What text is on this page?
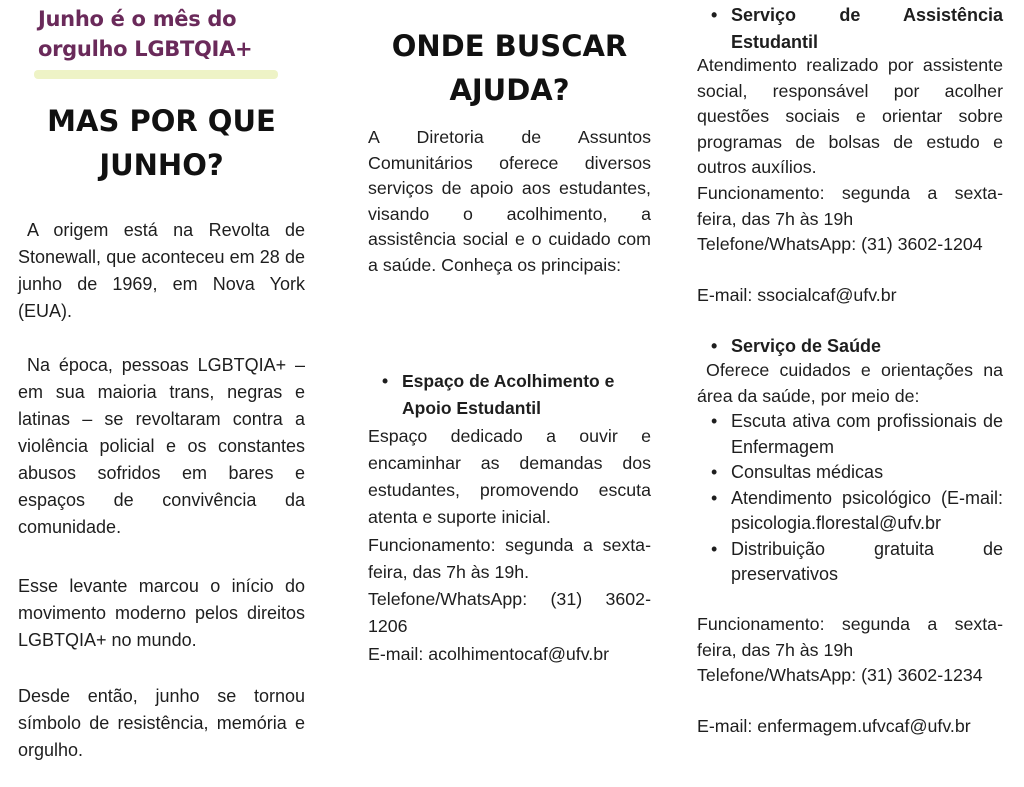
Junho é o mês do
orgulho LGBTQIA+
MAS POR QUE
JUNHO?

A origem está na Revolta de Stonewall, que aconteceu em 28 de junho de 1969, em Nova York (EUA).

Na época, pessoas LGBTQIA+ – em sua maioria trans, negras e latinas – se revoltaram contra a violência policial e os constantes abusos sofridos em bares e espaços de convivência da comunidade.

Esse levante marcou o início do movimento moderno pelos direitos LGBTQIA+ no mundo.

Desde então, junho se tornou símbolo de resistência, memória e orgulho.

ONDE BUSCAR
AJUDA?

A Diretoria de Assuntos Comunitários oferece diversos serviços de apoio aos estudantes, visando o acolhimento, a assistência social e o cuidado com a saúde. Conheça os principais:

• Espaço de Acolhimento e Apoio Estudantil

Espaço dedicado a ouvir e encaminhar as demandas dos estudantes, promovendo escuta atenta e suporte inicial.

Funcionamento: segunda a sexta-feira, das 7h às 19h.

Telefone/WhatsApp: (31) 3602-1206

E-mail: acolhimentocaf@ufv.br

• Serviço de Assistência Estudantil

Atendimento realizado por assistente social, responsável por acolher questões sociais e orientar sobre programas de bolsas de estudo e outros auxílios.

Funcionamento: segunda a sexta-feira, das 7h às 19h

Telefone/WhatsApp: (31) 3602-1204

E-mail: ssocialcaf@ufv.br

• Serviço de Saúde

Oferece cuidados e orientações na área da saúde, por meio de:

• Escuta ativa com profissionais de Enfermagem
• Consultas médicas
• Atendimento psicológico (E-mail: psicologia.florestal@ufv.br
• Distribuição gratuita de preservativos

Funcionamento: segunda a sexta-feira, das 7h às 19h

Telefone/WhatsApp: (31) 3602-1234

E-mail: enfermagem.ufvcaf@ufv.br
